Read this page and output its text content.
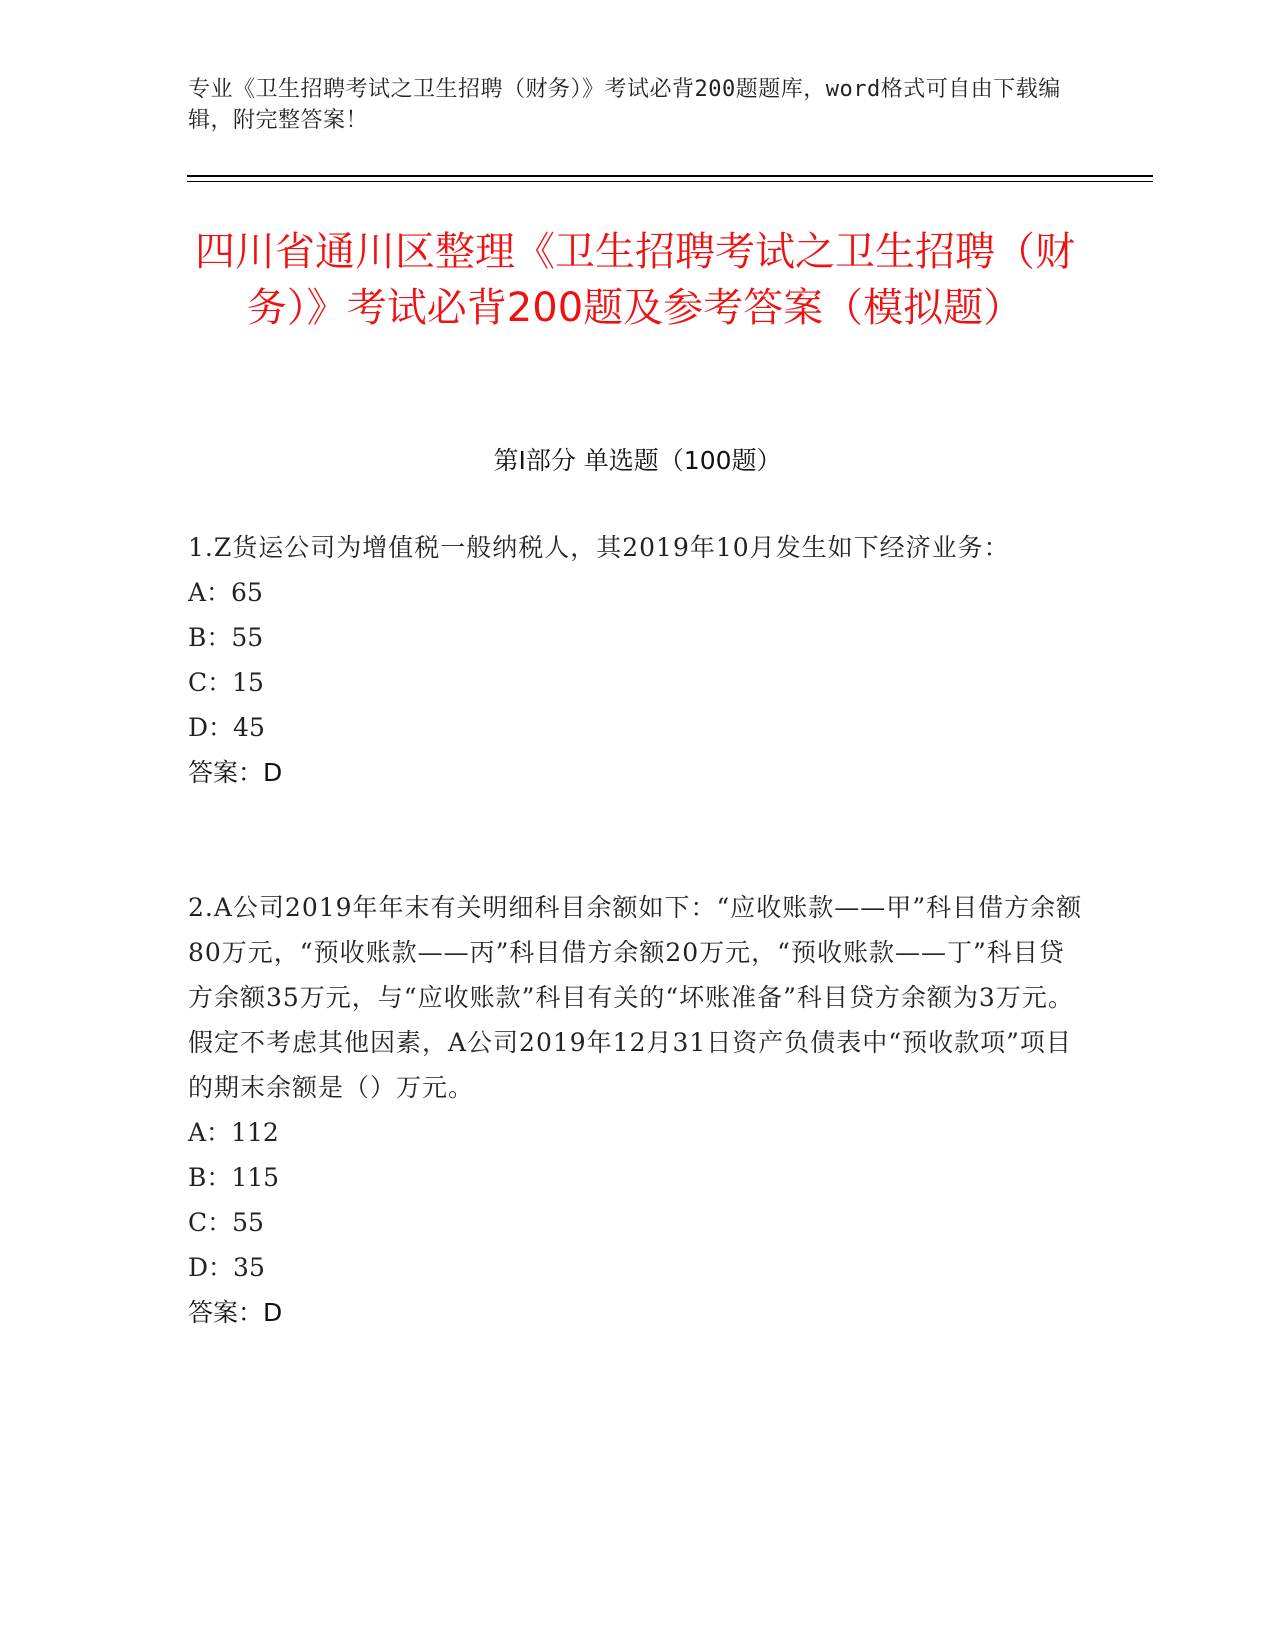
专业《卫生招聘考试之卫生招聘（财务）》考试必背200题题库，word格式可自由下载编辑，附完整答案！
四川省通川区整理《卫生招聘考试之卫生招聘（财务）》考试必背200题及参考答案（模拟题）
第I部分 单选题（100题）
1.Z货运公司为增值税一般纳税人，其2019年10月发生如下经济业务：
A：65
B：55
C：15
D：45
答案：D
2.A公司2019年年末有关明细科目余额如下：“应收账款——甲”科目借方余额80万元，“预收账款——丙”科目借方余额20万元，“预收账款——丁”科目贷方余额35万元，与“应收账款”科目有关的“坏账准备”科目贷方余额为3万元。假定不考虑其他因素，A公司2019年12月31日资产负债表中“预收款项”项目的期末余额是（）万元。
A：112
B：115
C：55
D：35
答案：D
